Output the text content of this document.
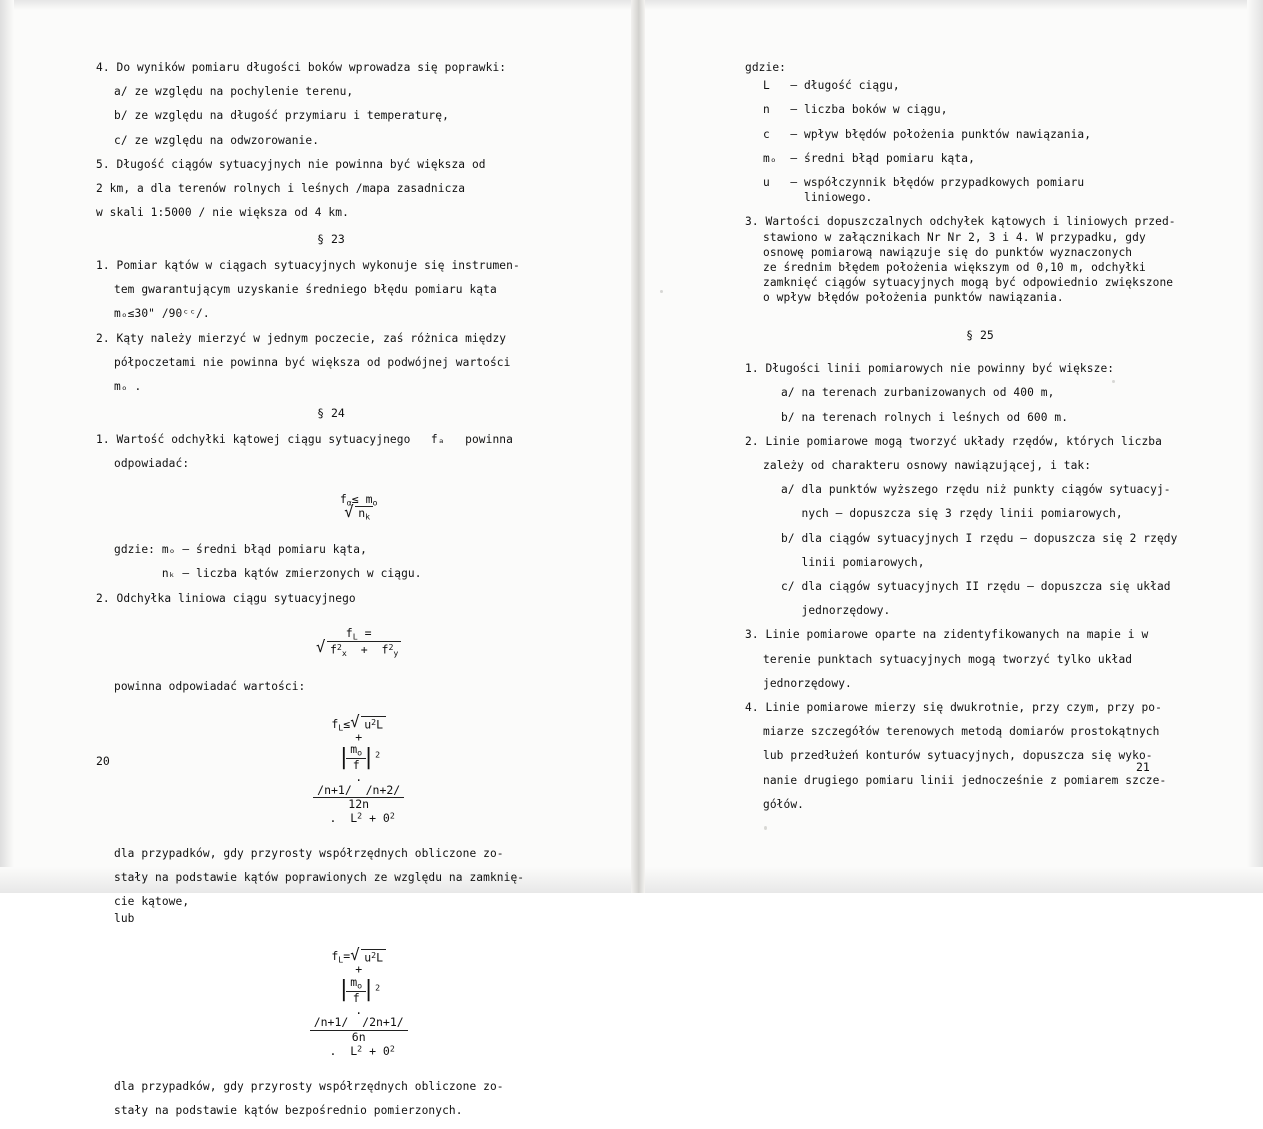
4. Do wyników pomiaru długości boków wprowadza się poprawki:

a/ ze względu na pochylenie terenu,

b/ ze względu na długość przymiaru i temperaturę,

c/ ze względu na odwzorowanie.

5. Długość ciągów sytuacyjnych nie powinna być większa od

2 km, a dla terenów rolnych i leśnych /mapa zasadnicza

w skali 1:5000 / nie większa od 4 km.

§ 23

1. Pomiar kątów w ciągach sytuacyjnych wykonuje się instrumen-

tem gwarantującym uzyskanie średniego błędu pomiaru kąta

mₒ≤30" /90ᶜᶜ/.

2. Kąty należy mierzyć w jednym poczecie, zaś różnica między

półpoczetami nie powinna być większa od podwójnej wartości

mₒ .

§ 24

1. Wartość odchyłki kątowej ciągu sytuacyjnego   fₐ   powinna

odpowiadać:

$f_\alpha\le m_o$
√ $n_k$

gdzie: mₒ – średni błąd pomiaru kąta,

nₖ – liczba kątów zmierzonych w ciągu.

2. Odchyłka liniowa ciągu sytuacyjnego

$f_L$ =
√ $f^2_x + f^2_y$

powinna odpowiadać wartości:

$f_L\le$ √ $u^2L$
+

| $\frac{m_o}{f}$
| $^2$
.

$\frac{/n+1/ /n+2/}{12n}$

.  $L^2 + 0^2$

dla przypadków, gdy przyrosty współrzędnych obliczone zo-

stały na podstawie kątów poprawionych ze względu na zamknię-

cie kątowe,

lub

$f_L=$ √ $u^2L$
+

| $\frac{m_o}{f}$
| $^2$
.

$\frac{/n+1/ /2n+1/}{6n}$

.  $L^2 + 0^2$

dla przypadków, gdy przyrosty współrzędnych obliczone zo-

stały na podstawie kątów bezpośrednio pomierzonych.

20

gdzie:

L   – długość ciągu,

n   – liczba boków w ciągu,

c   – wpływ błędów położenia punktów nawiązania,

mₒ  – średni błąd pomiaru kąta,

u   – współczynnik błędów przypadkowych pomiaru

liniowego.

3. Wartości dopuszczalnych odchyłek kątowych i liniowych przed-

stawiono w załącznikach Nr Nr 2, 3 i 4. W przypadku, gdy

osnowę pomiarową nawiązuje się do punktów wyznaczonych

ze średnim błędem położenia większym od 0,10 m, odchyłki

zamknięć ciągów sytuacyjnych mogą być odpowiednio zwiększone

o wpływ błędów położenia punktów nawiązania.

§ 25

1. Długości linii pomiarowych nie powinny być większe:

a/ na terenach zurbanizowanych od 400 m,

b/ na terenach rolnych i leśnych od 600 m.

2. Linie pomiarowe mogą tworzyć układy rzędów, których liczba

zależy od charakteru osnowy nawiązującej, i tak:

a/ dla punktów wyższego rzędu niż punkty ciągów sytuacyj-

nych – dopuszcza się 3 rzędy linii pomiarowych,

b/ dla ciągów sytuacyjnych I rzędu – dopuszcza się 2 rzędy

linii pomiarowych,

c/ dla ciągów sytuacyjnych II rzędu – dopuszcza się układ

jednorzędowy.

3. Linie pomiarowe oparte na zidentyfikowanych na mapie i w

terenie punktach sytuacyjnych mogą tworzyć tylko układ

jednorzędowy.

4. Linie pomiarowe mierzy się dwukrotnie, przy czym, przy po-

miarze szczegółów terenowych metodą domiarów prostokątnych

lub przedłużeń konturów sytuacyjnych, dopuszcza się wyko-

nanie drugiego pomiaru linii jednocześnie z pomiarem szcze-

gółów.

21
